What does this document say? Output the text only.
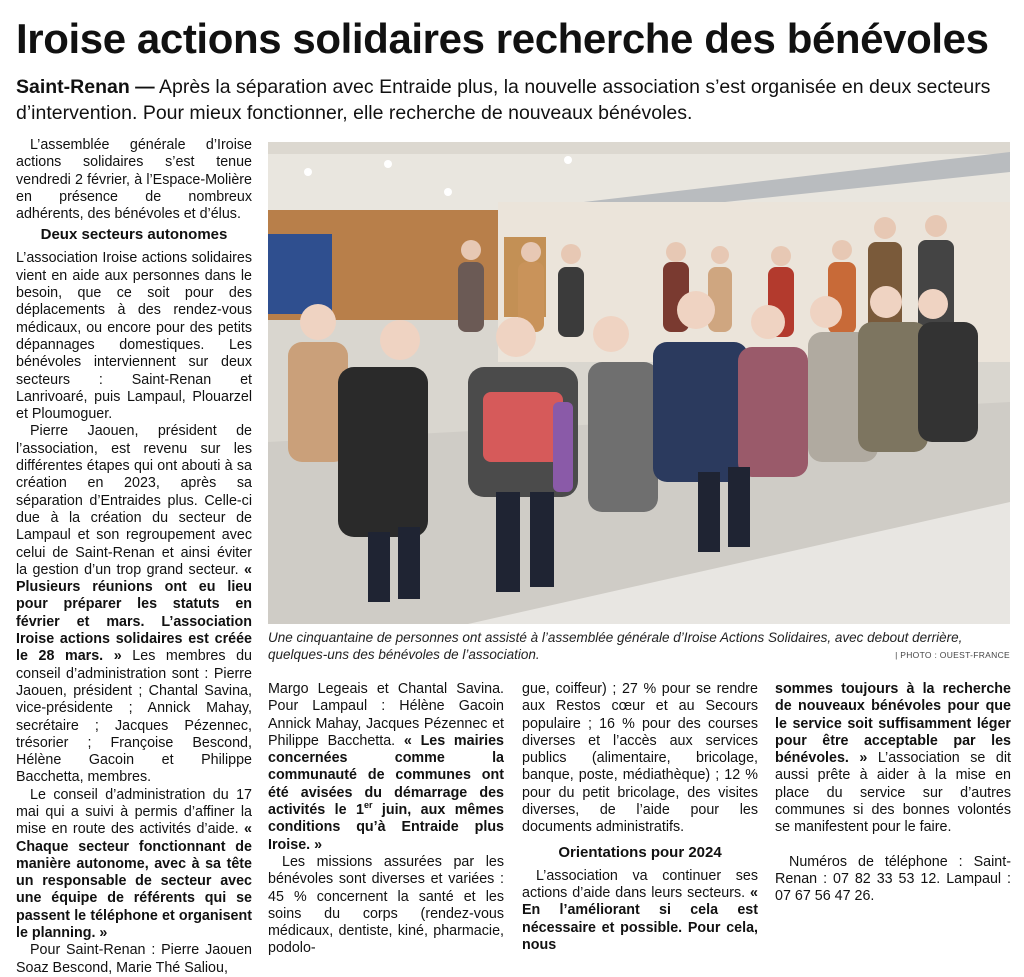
Iroise actions solidaires recherche des bénévoles
Saint-Renan — Après la séparation avec Entraide plus, la nouvelle association s’est organisée en deux secteurs d’intervention. Pour mieux fonctionner, elle recherche de nouveaux bénévoles.

L’assemblée générale d’Iroise actions solidaires s’est tenue vendredi 2 février, à l’Espace-Molière en présence de nombreux adhérents, des bénévoles et d’élus.

Deux secteurs autonomes

L’association Iroise actions solidaires vient en aide aux personnes dans le besoin, que ce soit pour des déplacements à des rendez-vous médicaux, ou encore pour des petits dépannages domestiques. Les bénévoles interviennent sur deux secteurs : Saint-Renan et Lanrivoaré, puis Lampaul, Plouarzel et Ploumoguer.

Pierre Jaouen, président de l’association, est revenu sur les différentes étapes qui ont abouti à sa création en 2023, après sa séparation d’Entraides plus. Celle-ci due à la création du secteur de Lampaul et son regroupement avec celui de Saint-Renan et ainsi éviter la gestion d’un trop grand secteur. « Plusieurs réunions ont eu lieu pour préparer les statuts en février et mars. L’association Iroise actions solidaires est créée le 28 mars. » Les membres du conseil d’administration sont : Pierre Jaouen, président ; Chantal Savina, vice-présidente ; Annick Mahay, secrétaire ; Jacques Pézennec, trésorier ; Françoise Bescond, Hélène Gacoin et Philippe Bacchetta, membres.

Le conseil d’administration du 17 mai qui a suivi à permis d’affiner la mise en route des activités d’aide. « Chaque secteur fonctionnant de manière autonome, avec à sa tête un responsable de secteur avec une équipe de référents qui se passent le téléphone et organisent le planning. »

Pour Saint-Renan : Pierre Jaouen Soaz Bescond, Marie Thé Saliou,

Une cinquantaine de personnes ont assisté à l’assemblée générale d’Iroise Actions Solidaires, avec debout derrière, quelques-uns des bénévoles de l’association.	| PHOTO : OUEST-FRANCE

Margo Legeais et Chantal Savina. Pour Lampaul : Hélène Gacoin Annick Mahay, Jacques Pézennec et Philippe Bacchetta. « Les mairies concernées comme la communauté de communes ont été avisées du démarrage des activités le 1er juin, aux mêmes conditions qu’à Entraide plus Iroise. »

Les missions assurées par les bénévoles sont diverses et variées : 45 % concernent la santé et les soins du corps (rendez-vous médicaux, dentiste, kiné, pharmacie, podolo-

gue, coiffeur) ; 27 % pour se rendre aux Restos cœur et au Secours populaire ; 16 % pour des courses diverses et l’accès aux services publics (alimentaire, bricolage, banque, poste, médiathèque) ; 12 % pour du petit bricolage, des visites diverses, de l’aide pour les documents administratifs.

Orientations pour 2024

L’association va continuer ses actions d’aide dans leurs secteurs. « En l’améliorant si cela est nécessaire et possible. Pour cela, nous

sommes toujours à la recherche de nouveaux bénévoles pour que le service soit suffisamment léger pour être acceptable par les bénévoles. » L’association se dit aussi prête à aider à la mise en place du service sur d’autres communes si des bonnes volontés se manifestent pour le faire.

Numéros de téléphone : Saint-Renan : 07 82 33 53 12. Lampaul : 07 67 56 47 26.
